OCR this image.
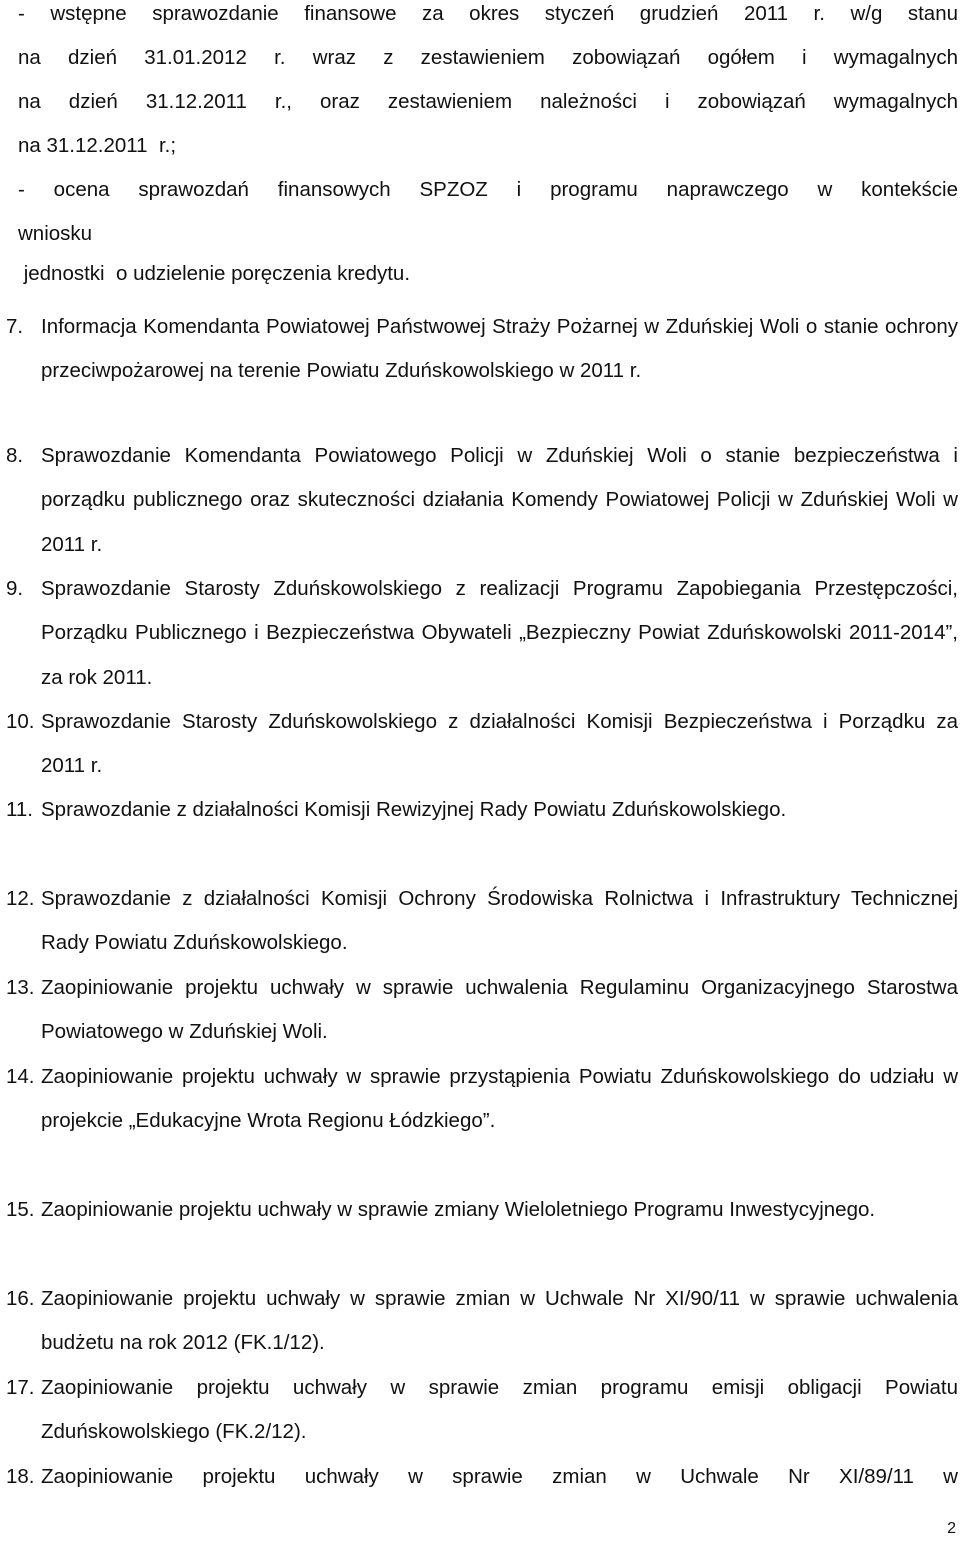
- wstępne sprawozdanie finansowe za okres styczeń grudzień 2011 r. w/g stanu
na dzień 31.01.2012 r. wraz z zestawieniem zobowiązań ogółem i wymagalnych
na dzień 31.12.2011 r., oraz zestawieniem należności i zobowiązań wymagalnych
na 31.12.2011  r.;
- ocena sprawozdań finansowych SPZOZ i programu naprawczego w kontekście
wniosku
jednostki  o udzielenie poręczenia kredytu.
7. Informacja Komendanta Powiatowej Państwowej Straży Pożarnej w Zduńskiej Woli o stanie ochrony przeciwpożarowej na terenie Powiatu Zduńskowolskiego w 2011 r.
8. Sprawozdanie Komendanta Powiatowego Policji w Zduńskiej Woli o stanie bezpieczeństwa i porządku publicznego oraz skuteczności działania Komendy Powiatowej Policji w Zduńskiej Woli w 2011 r.
9. Sprawozdanie Starosty Zduńskowolskiego z realizacji Programu Zapobiegania Przestępczości, Porządku Publicznego i Bezpieczeństwa Obywateli „Bezpieczny Powiat Zduńskowolski 2011-2014”, za rok 2011.
10. Sprawozdanie Starosty Zduńskowolskiego z działalności Komisji Bezpieczeństwa i Porządku za 2011 r.
11. Sprawozdanie z działalności Komisji Rewizyjnej Rady Powiatu Zduńskowolskiego.
12. Sprawozdanie z działalności Komisji Ochrony Środowiska Rolnictwa i Infrastruktury Technicznej Rady Powiatu Zduńskowolskiego.
13. Zaopiniowanie projektu uchwały w sprawie uchwalenia Regulaminu Organizacyjnego Starostwa Powiatowego w Zduńskiej Woli.
14. Zaopiniowanie projektu uchwały w sprawie przystąpienia Powiatu Zduńskowolskiego do udziału w projekcie „Edukacyjne Wrota Regionu Łódzkiego”.
15. Zaopiniowanie projektu uchwały w sprawie zmiany Wieloletniego Programu Inwestycyjnego.
16. Zaopiniowanie projektu uchwały w sprawie zmian w Uchwale Nr XI/90/11 w sprawie uchwalenia budżetu na rok 2012 (FK.1/12).
17. Zaopiniowanie projektu uchwały w sprawie zmian programu emisji obligacji Powiatu Zduńskowolskiego (FK.2/12).
18. Zaopiniowanie projektu uchwały w sprawie zmian w Uchwale Nr XI/89/11 w
2
